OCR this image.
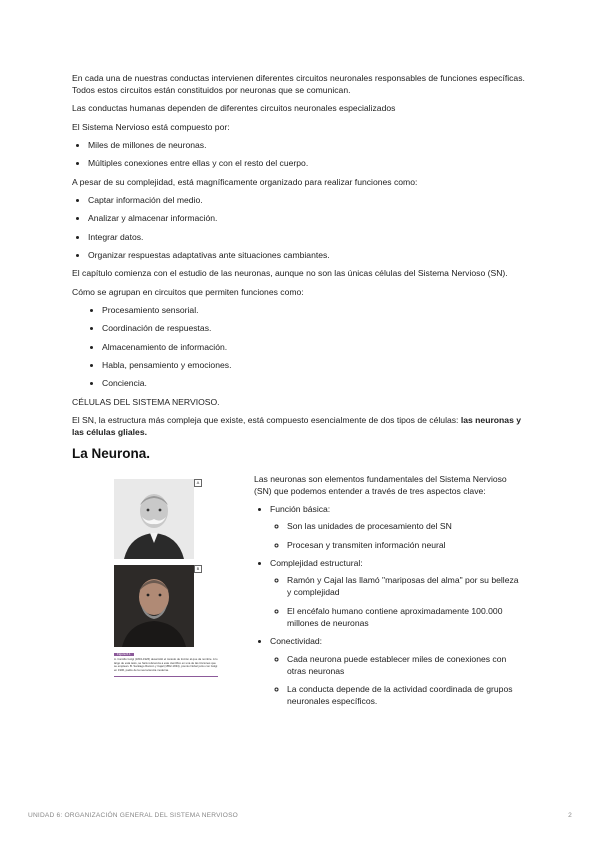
En cada una de nuestras conductas intervienen diferentes circuitos neuronales responsables de funciones específicas. Todos estos circuitos están constituidos por neuronas que se comunican.

Las conductas humanas dependen de diferentes circuitos neuronales especializados

El Sistema Nervioso está compuesto por:

• Miles de millones de neuronas.
• Múltiples conexiones entre ellas y con el resto del cuerpo.

A pesar de su complejidad, está magníficamente organizado para realizar funciones como:

• Captar información del medio.
• Analizar y almacenar información.
• Integrar datos.
• Organizar respuestas adaptativas ante situaciones cambiantes.

El capítulo comienza con el estudio de las neuronas, aunque no son las únicas células del Sistema Nervioso (SN).

Cómo se agrupan en circuitos que permiten funciones como:

• Procesamiento sensorial.
• Coordinación de respuestas.
• Almacenamiento de información.
• Habla, pensamiento y emociones.
• Conciencia.

CÉLULAS DEL SISTEMA NERVIOSO.

El SN, la estructura más compleja que existe, está compuesto esencialmente de dos tipos de células: las neuronas y las células gliales.

La Neurona.
A
B
Figura 6.1
A. Camillo Golgi (1843-1926) desarrolló el método de tinción al que da nombre. A lo largo de esta tesis, se hará referencia a este científico en una de las tinciones que se emplean. B. Santiago Ramón y Cajal (1852-1934), premio Nobel junto con Golgi en 1906, padre de la neurociencia moderna.

Las neuronas son elementos fundamentales del Sistema Nervioso (SN) que podemos entender a través de tres aspectos clave:

• Función básica:
◦ Son las unidades de procesamiento del SN
◦ Procesan y transmiten información neural
• Complejidad estructural:
◦ Ramón y Cajal las llamó "mariposas del alma" por su belleza y complejidad
◦ El encéfalo humano contiene aproximadamente 100.000 millones de neuronas
• Conectividad:
◦ Cada neurona puede establecer miles de conexiones con otras neuronas
◦ La conducta depende de la actividad coordinada de grupos neuronales específicos.
UNIDAD 6: ORGANIZACIÓN GENERAL DEL SISTEMA NERVIOSO	2
